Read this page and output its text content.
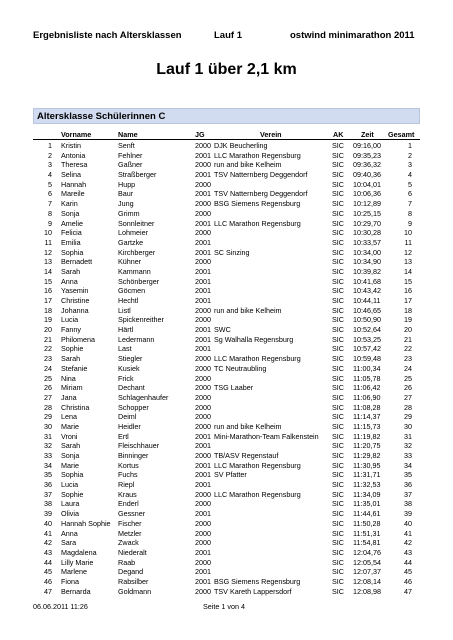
Ergebnisliste nach Altersklassen	Lauf 1	ostwind minimarathon 2011
Lauf 1 über 2,1 km
Altersklasse Schülerinnen C
Vorname	Name	JG	Verein	AK Zeit Gesamt
1 Kristin	Senft	2000 DJK Beucherling	SIC 09:16,00	1
2 Antonia	Fehlner	2001 LLC Marathon Regensburg	SIC 09:35,23	2
3 Theresa	Gaßner	2000 run and bike Kelheim	SIC 09:36,32	3
4 Selina	Straßberger	2001 TSV Natternberg Deggendorf	SIC 09:40,36	4
5 Hannah	Hupp	2000	SIC 10:04,01	5
6 Mareile	Baur	2001 TSV Natternberg Deggendorf	SIC 10:06,36	6
7 Karin	Jung	2000 BSG Siemens Regensburg	SIC 10:12,89	7
8 Sonja	Grimm	2000	SIC 10:25,15	8
9 Amelie	Sonnleitner	2001 LLC Marathon Regensburg	SIC 10:29,70	9
10 Felicia	Lohmeier	2000	SIC 10:30,28	10
11 Emilia	Gartzke	2001	SIC 10:33,57	11
12 Sophia	Kirchberger	2001 SC Sinzing	SIC 10:34,00	12
13 Bernadett	Kühner	2000	SIC 10:34,90	13
14 Sarah	Kammann	2001	SIC 10:39,82	14
15 Anna	Schönberger	2001	SIC 10:41,68	15
16 Yasemin	Göcmen	2001	SIC 10:43,42	16
17 Christine	Hechtl	2001	SIC 10:44,11	17
18 Johanna	Listl	2000 run and bike Kelheim	SIC 10:46,65	18
19 Lucia	Spickenreither	2000	SIC 10:50,90	19
20 Fanny	Härtl	2001 SWC	SIC 10:52,64	20
21 Philomena	Ledermann	2001 Sg Walhalla Regensburg	SIC 10:53,25	21
22 Sophie	Last	2001	SIC 10:57,42	22
23 Sarah	Stiegler	2000 LLC Marathon Regensburg	SIC 10:59,48	23
24 Stefanie	Kusiek	2000 TC Neutraubling	SIC 11:00,34	24
25 Nina	Frick	2000	SIC 11:05,78	25
26 Miriam	Dechant	2000 TSG Laaber	SIC 11:06,42	26
27 Jana	Schlagenhaufer	2000	SIC 11:06,90	27
28 Christina	Schopper	2000	SIC 11:08,28	28
29 Lena	Deiml	2000	SIC 11:14,37	29
30 Marie	Heidler	2000 run and bike Kelheim	SIC 11:15,73	30
31 Vroni	Ertl	2001 Mini-Marathon-Team Falkenstein SIC 11:19,82	31
32 Sarah	Fleischhauer	2001	SIC 11:20,75	32
33 Sonja	Binninger	2000 TB/ASV Regenstauf	SIC 11:29,82	33
34 Marie	Kortus	2001 LLC Marathon Regensburg	SIC 11:30,95	34
35 Sophia	Fuchs	2001 SV Pfatter	SIC 11:31,71	35
36 Lucia	Riepl	2001	SIC 11:32,53	36
37 Sophie	Kraus	2000 LLC Marathon Regensburg	SIC 11:34,09	37
38 Laura	Enderl	2000	SIC 11:35,01	38
39 Olivia	Gessner	2001	SIC 11:44,61	39
40 Hannah Sophie Fischer	2000	SIC 11:50,28	40
41 Anna	Metzler	2000	SIC 11:51,31	41
42 Sara	Zwack	2000	SIC 11:54,81	42
43 Magdalena	Niederalt	2001	SIC 12:04,76	43
44 Lilly Marie	Raab	2000	SIC 12:05,54	44
45 Marlene	Degand	2001	SIC 12:07,37	45
46 Fiona	Rabsilber	2001 BSG Siemens Regensburg	SIC 12:08,14	46
47 Bernarda	Goldmann	2000 TSV Kareth Lappersdorf	SIC 12:08,98	47
06.06.2011 11:26	Seite 1 von 4
